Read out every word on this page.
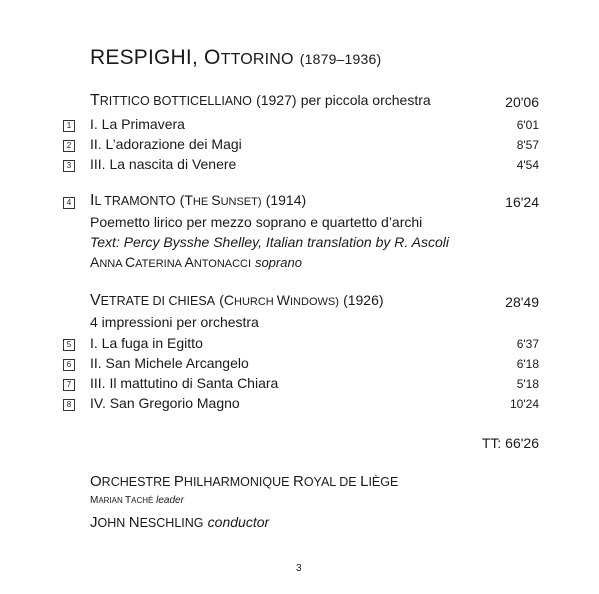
RESPIGHI, OTTORINO (1879–1936)
TRITTICO BOTTICELLIANO (1927) per piccola orchestra	20'06
1 I. La Primavera	6'01
2 II. L’adorazione dei Magi	8'57
3 III. La nascita di Venere	4'54
4 IL TRAMONTO (THE SUNSET) (1914)	16'24
Poemetto lirico per mezzo soprano e quartetto d’archi
Text: Percy Bysshe Shelley, Italian translation by R. Ascoli
ANNA CATERINA ANTONACCI soprano
VETRATE DI CHIESA (CHURCH WINDOWS) (1926)	28'49
4 impressioni per orchestra
5 I. La fuga in Egitto	6'37
6 II. San Michele Arcangelo	6'18
7 III. Il mattutino di Santa Chiara	5'18
8 IV. San Gregorio Magno	10'24
TT: 66'26
ORCHESTRE PHILHARMONIQUE ROYAL DE LIÈGE
MARIAN TACHÉ leader
JOHN NESCHLING conductor
3
